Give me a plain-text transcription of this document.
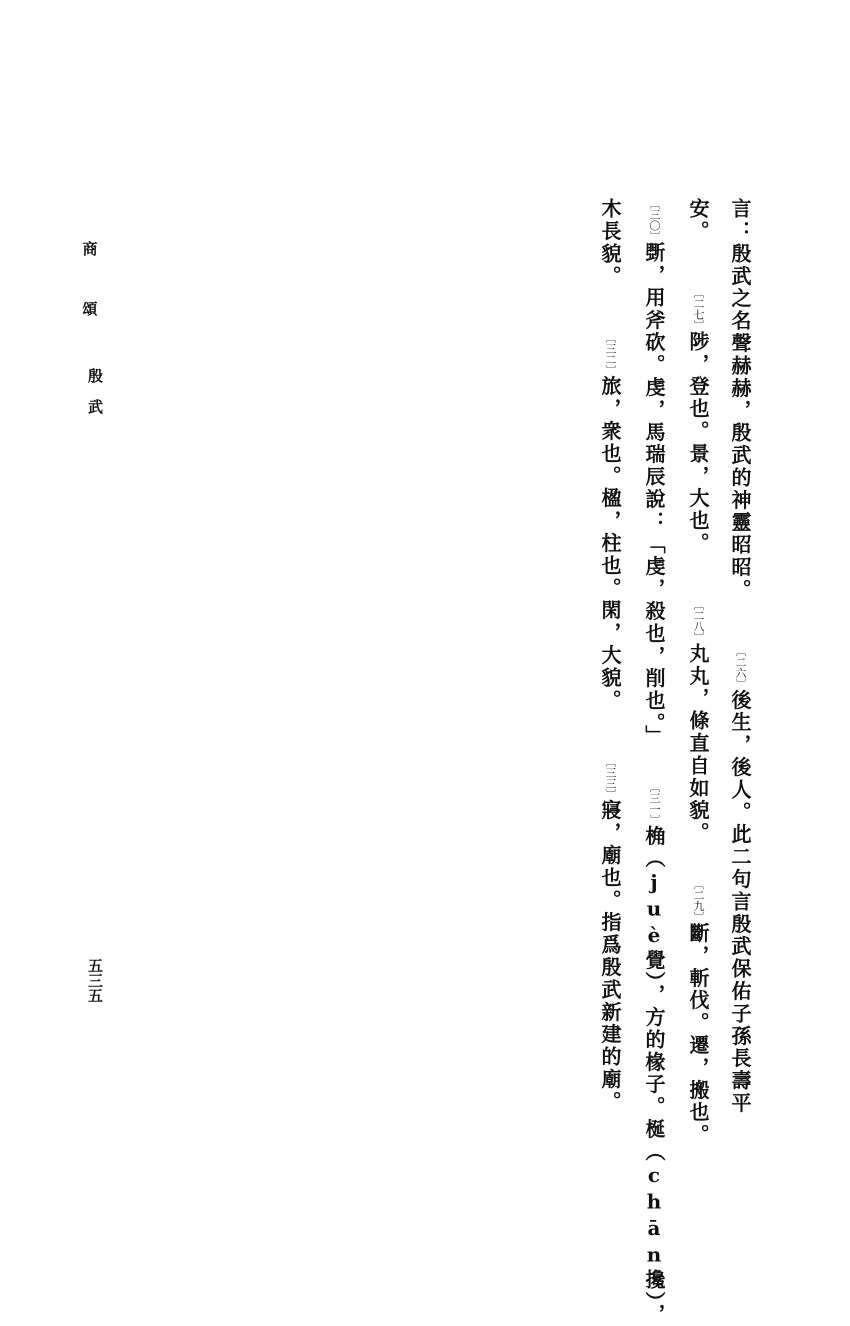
商
頌
殷武
五三五
言：殷武之名聲赫赫，殷武的神靈昭昭。〔二六〕後生，後人。此二句言殷武保佑子孫長壽平
安。〔二七〕陟，登也。景，大也。〔二八〕丸丸，條直自如貌。〔二九〕斷，斬伐。遷，搬也。
〔三〇〕斲，用斧砍。虔，馬瑞辰說：「虔，殺也，削也。」〔三一〕桷（juè覺），方的椽子。梴（chān攙），
木長貌。〔三二〕旅，衆也。楹，柱也。閑，大貌。〔三三〕寢，廟也。指爲殷武新建的廟。
